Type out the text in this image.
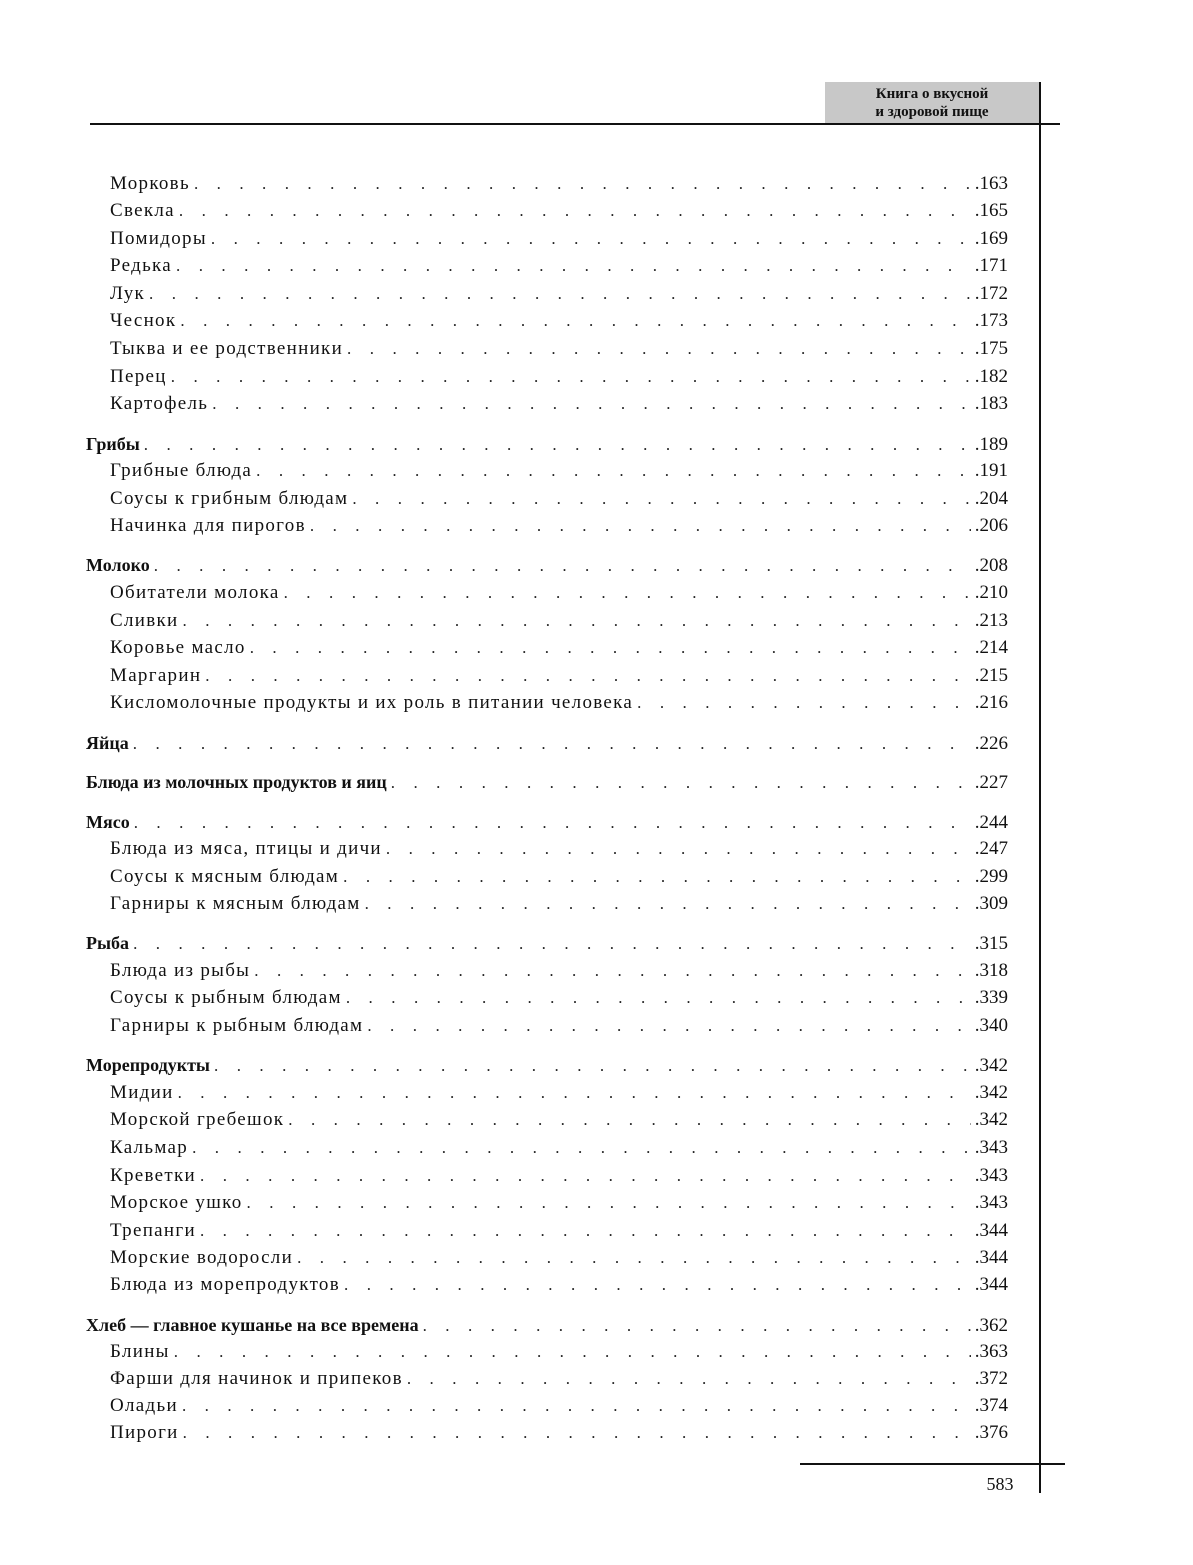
Книга о вкусной
и здоровой пище
Морковь . . .	.163
Свекла . . .	.165
Помидоры . . .	.169
Редька . . .	.171
Лук . . .	.172
Чеснок . . .	.173
Тыква и ее родственники . . .	.175
Перец . . .	.182
Картофель . . .	.183
Грибы . . .	.189
Грибные блюда . . .	.191
Соусы к грибным блюдам . . .	.204
Начинка для пирогов . . .	.206
Молоко . . .	.208
Обитатели молока . . .	.210
Сливки . . .	.213
Коровье масло . . .	.214
Маргарин . . .	.215
Кисломолочные продукты и их роль в питании человека . . .	.216
Яйца . . .	.226
Блюда из молочных продуктов и яиц . . .	.227
Мясо . . .	.244
Блюда из мяса, птицы и дичи . . .	.247
Соусы к мясным блюдам . . .	.299
Гарниры к мясным блюдам . . .	.309
Рыба . . .	.315
Блюда из рыбы . . .	.318
Соусы к рыбным блюдам . . .	.339
Гарниры к рыбным блюдам . . .	.340
Морепродукты . . .	.342
Мидии . . .	.342
Морской гребешок . . .	.342
Кальмар . . .	.343
Креветки . . .	.343
Морское ушко . . .	.343
Трепанги . . .	.344
Морские водоросли . . .	.344
Блюда из морепродуктов . . .	.344
Хлеб — главное кушанье на все времена . . .	.362
Блины . . .	.363
Фарши для начинок и припеков . . .	.372
Оладьи . . .	.374
Пироги . . .	.376
583
